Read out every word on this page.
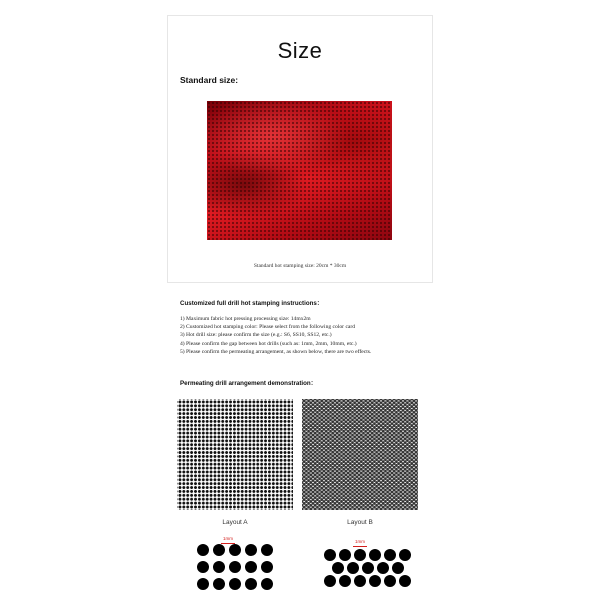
Size
Standard size:
Standard hot stamping size: 20cm * 30cm
Customized full drill hot stamping instructions：
1) Maximum fabric hot pressing processing size: 14mx2m
2) Customized hot stamping color: Please select from the following color card
3) Hot drill size: please confirm the size (e.g.: S6, SS10, SS12, etc.)
4) Please confirm the gap between hot drills (such as: 1mm, 2mm, 10mm, etc.)
5) Please confirm the permeating arrangement, as shown below, there are two effects.
Permeating drill arrangement demonstration：
Layout A	Layout B
1mm
1mm
